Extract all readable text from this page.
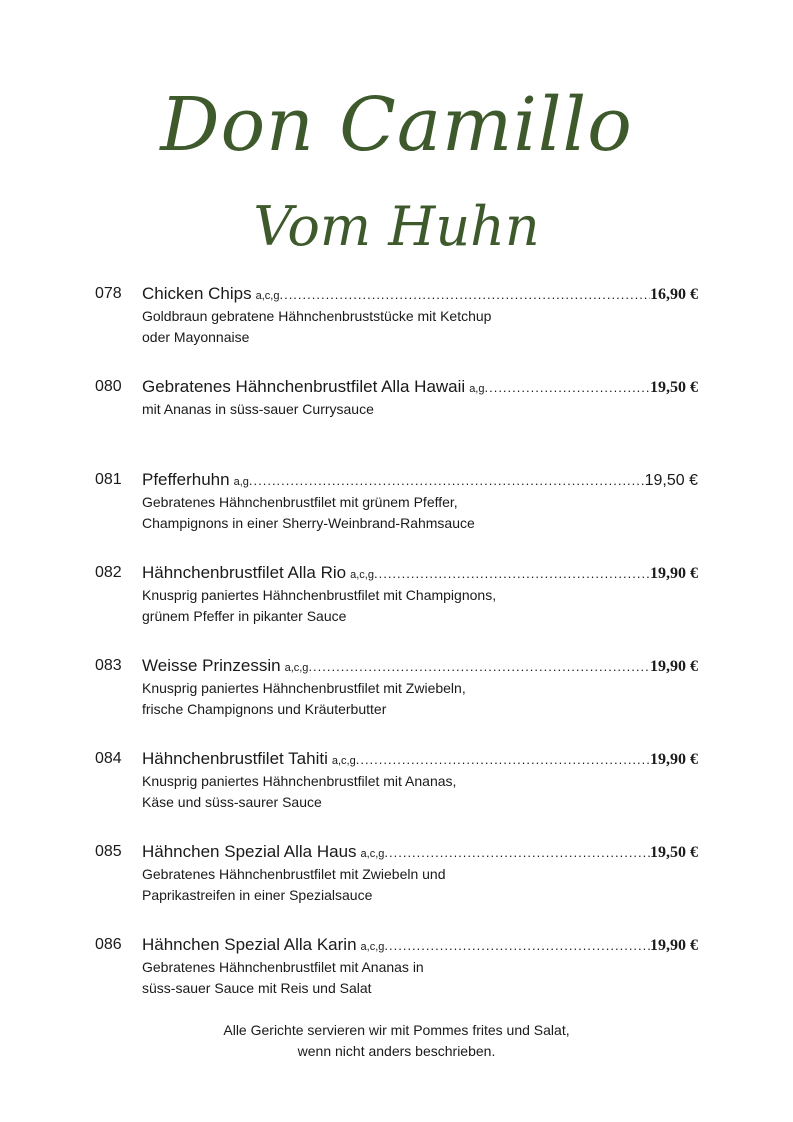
Don Camillo
Vom Huhn
078 Chicken Chips a,c,g .....	16,90 €
Goldbraun gebratene Hähnchenbruststücke mit Ketchup
oder Mayonnaise
080 Gebratenes Hähnchenbrustfilet Alla Hawaii a,g .....	19,50 €
mit Ananas in süss-sauer Currysauce
081 Pfefferhuhn a,g .....	19,50 €
Gebratenes Hähnchenbrustfilet mit grünem Pfeffer,
Champignons in einer Sherry-Weinbrand-Rahmsauce
082 Hähnchenbrustfilet Alla Rio a,c,g .....	19,90 €
Knusprig paniertes Hähnchenbrustfilet mit Champignons,
grünem Pfeffer in pikanter Sauce
083 Weisse Prinzessin a,c,g .....	19,90 €
Knusprig paniertes Hähnchenbrustfilet mit Zwiebeln,
frische Champignons und Kräuterbutter
084 Hähnchenbrustfilet Tahiti a,c,g .....	19,90 €
Knusprig paniertes Hähnchenbrustfilet mit Ananas,
Käse und süss-saurer Sauce
085 Hähnchen Spezial Alla Haus a,c,g .....	19,50 €
Gebratenes Hähnchenbrustfilet mit Zwiebeln und
Paprikastreifen in einer Spezialsauce
086 Hähnchen Spezial Alla Karin a,c,g .....	19,90 €
Gebratenes Hähnchenbrustfilet mit Ananas in
süss-sauer Sauce mit Reis und Salat
Alle Gerichte servieren wir mit Pommes frites und Salat,
wenn nicht anders beschrieben.
